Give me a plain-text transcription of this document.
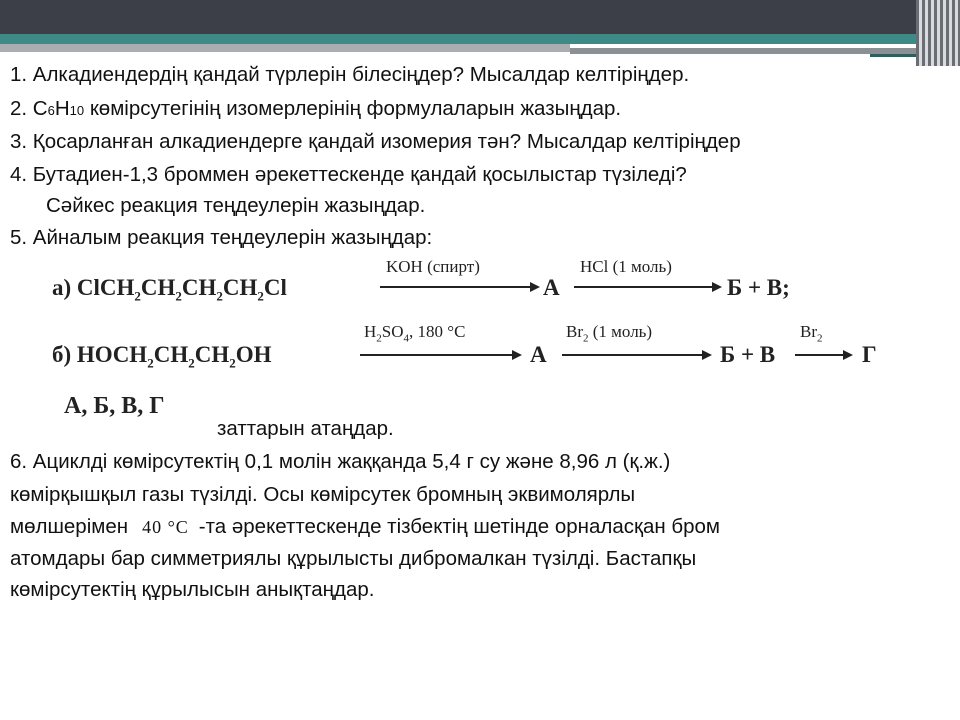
1. Алкадиендердің қандай түрлерін білесіңдер? Мысалдар келтіріңдер.
2. С6Н10 көмірсутегінің изомерлерінің формулаларын жазыңдар.
3. Қосарланған алкадиендерге қандай изомерия тән? Мысалдар келтіріңдер
4. Бутадиен-1,3 броммен әрекеттескенде қандай қосылыстар түзіледі?
Сәйкес реакция теңдеулерін жазыңдар.
5. Айналым реакция теңдеулерін жазыңдар:
а) $ClCH_2CH_2CH_2CH_2Cl$
KOH (спирт)
А
HCl (1 моль)
Б + В;
б) $HOCH_2CH_2CH_2OH$
$H_2SO_4$, 180 °C
А
$Br_2$ (1 моль)
Б + В
$Br_2$
→ Г
А, Б, В, Г
заттарын атаңдар.
6. Ациклді көмірсутектің 0,1 молін жаққанда 5,4 г су және 8,96 л (қ.ж.)
көмірқышқыл газы түзілді. Осы көмірсутек бромның эквимолярлы
мөлшерімен 40 °C -та әрекеттескенде тізбектің шетінде орналасқан бром
атомдары бар симметриялы құрылысты дибромалкан түзілді. Бастапқы
көмірсутектің құрылысын анықтаңдар.
